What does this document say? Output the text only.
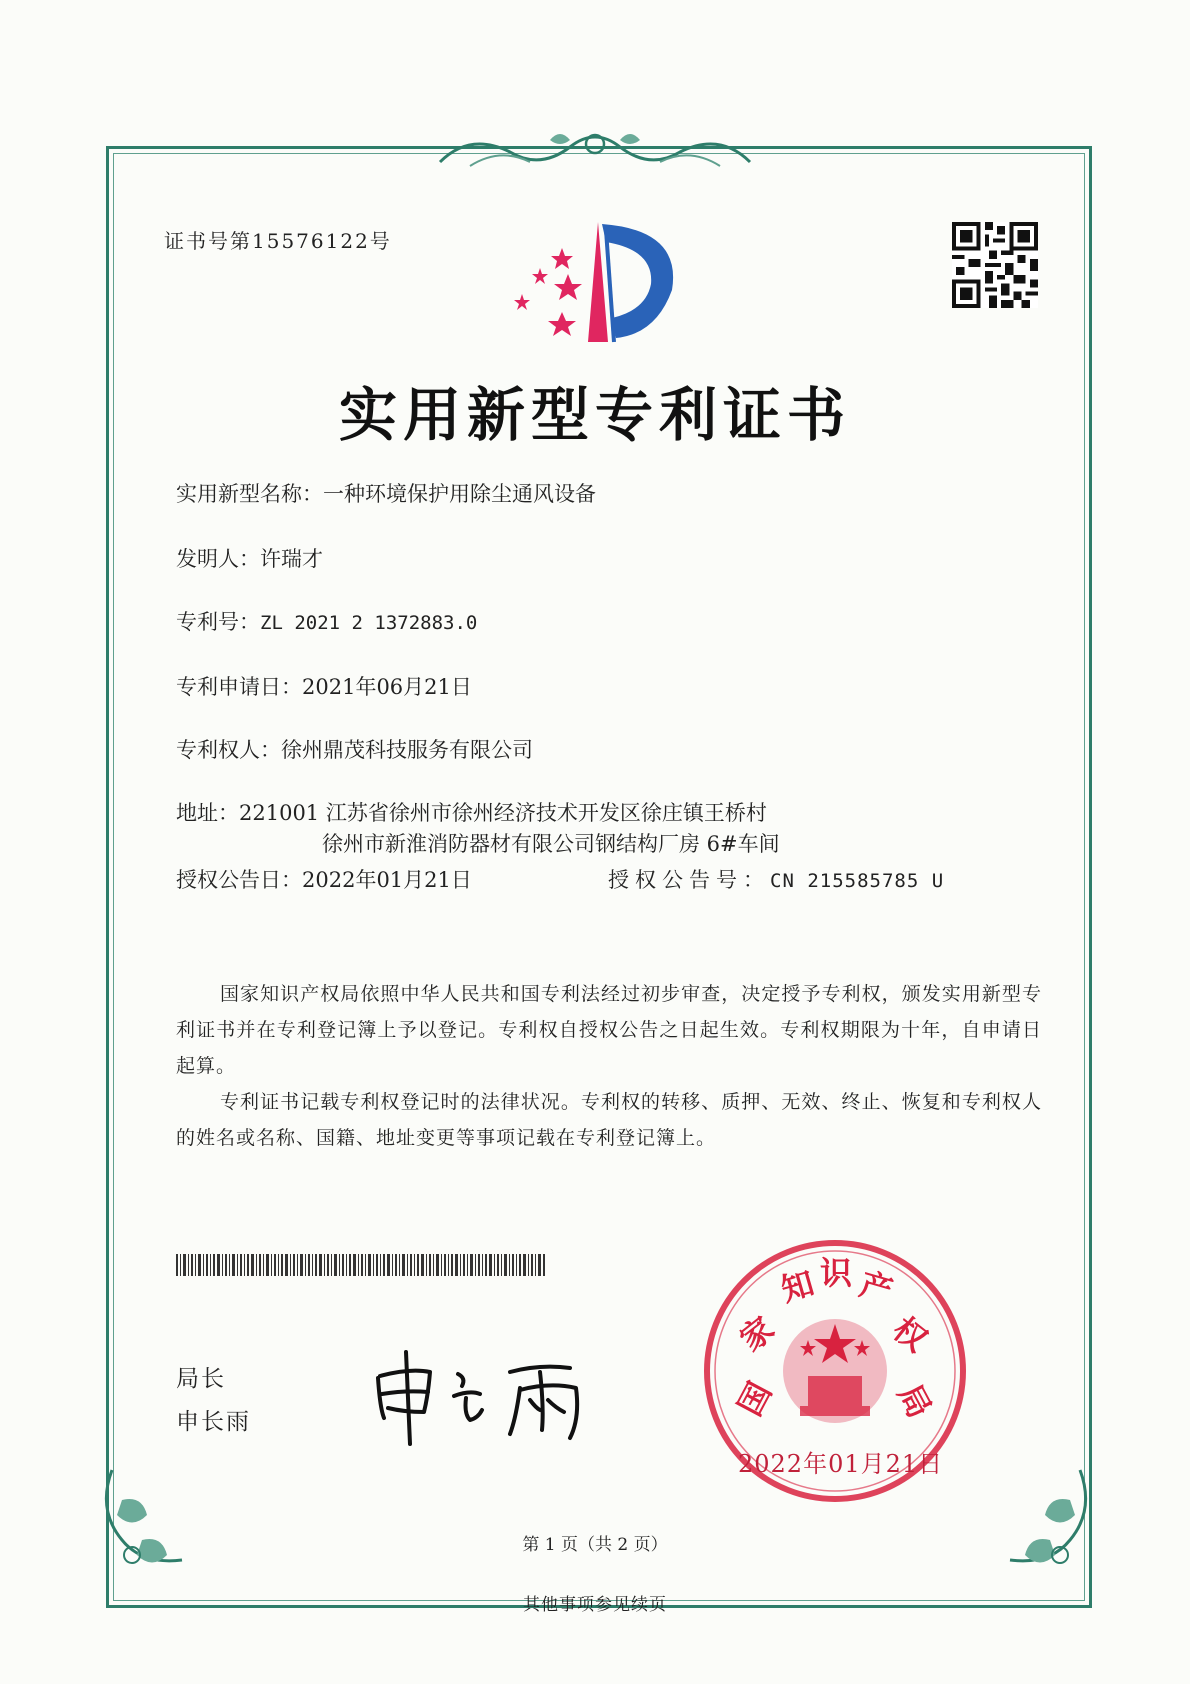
证书号第15576122号
实用新型专利证书
实用新型名称：一种环境保护用除尘通风设备
发明人：许瑞才
专利号：ZL 2021 2 1372883.0
专利申请日：2021年06月21日
专利权人：徐州鼎茂科技服务有限公司
地址：221001 江苏省徐州市徐州经济技术开发区徐庄镇王桥村
徐州市新淮消防器材有限公司钢结构厂房 6#车间
授权公告日：2022年01月21日	授权公告号：CN 215585785 U
国家知识产权局依照中华人民共和国专利法经过初步审查，决定授予专利权，颁发实用新型专利证书并在专利登记簿上予以登记。专利权自授权公告之日起生效。专利权期限为十年，自申请日起算。
专利证书记载专利权登记时的法律状况。专利权的转移、质押、无效、终止、恢复和专利权人的姓名或名称、国籍、地址变更等事项记载在专利登记簿上。
局长
申长雨
国
家
知 识 产
权
局
2022年01月21日
第 1 页（共 2 页）
其他事项参见续页
